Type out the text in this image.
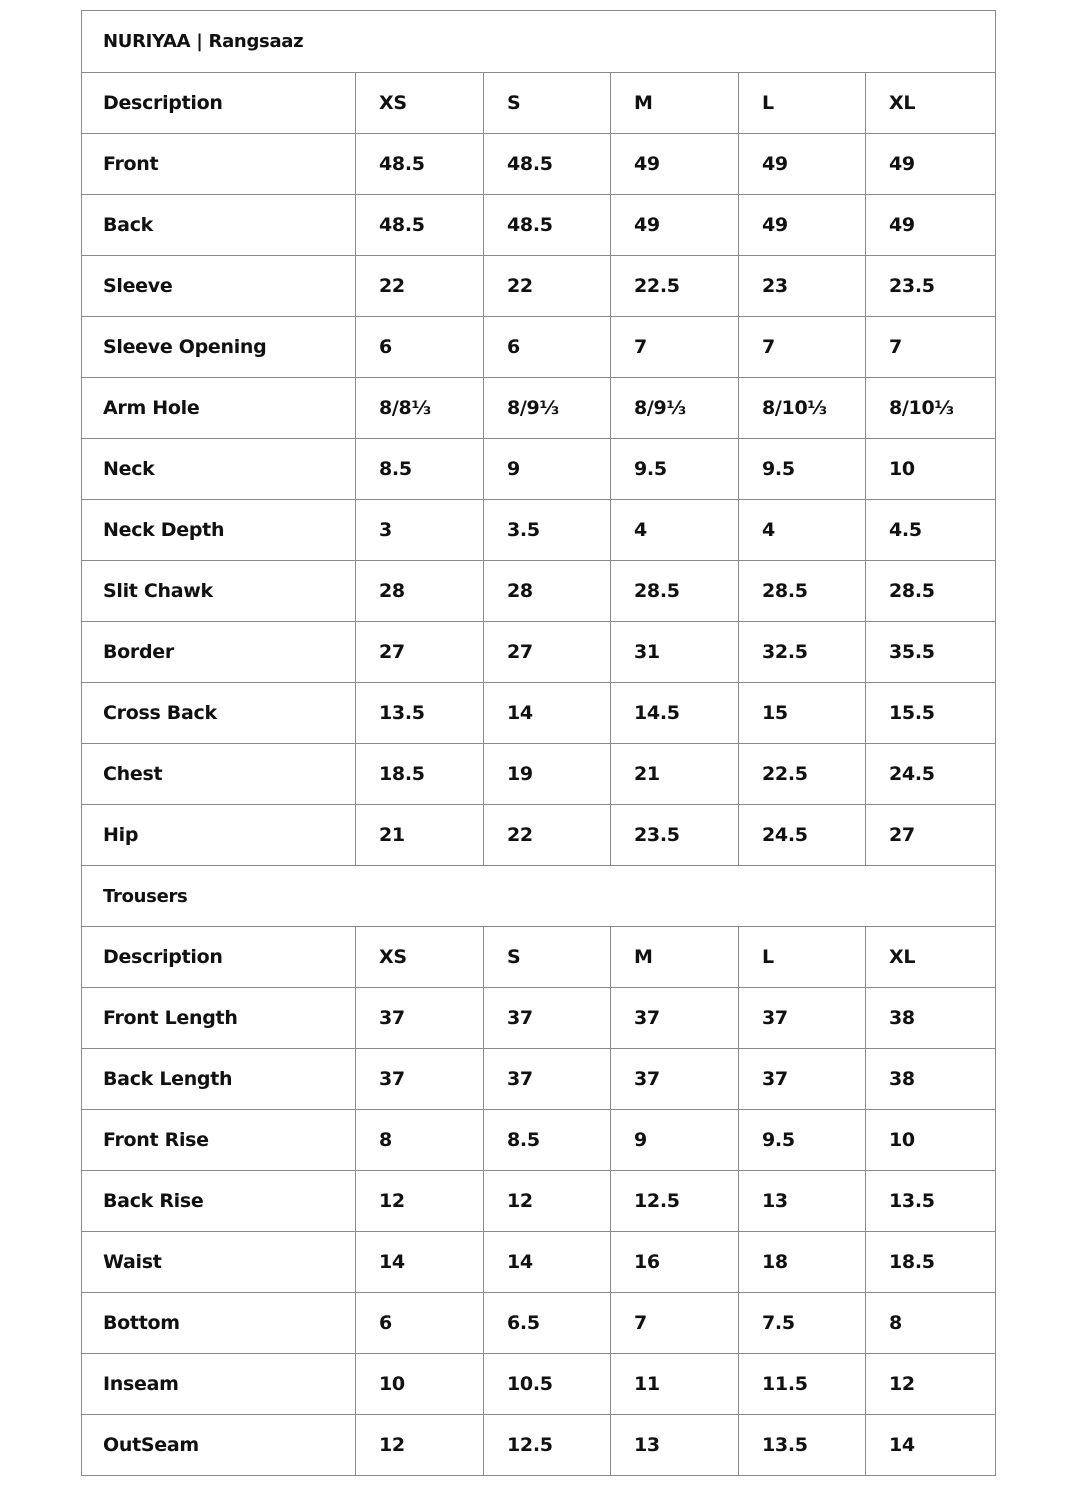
NURIYAA | Rangsaaz					
Description	XS	S	M	L	XL
Front	48.5	48.5	49	49	49
Back	48.5	48.5	49	49	49
Sleeve	22	22	22.5	23	23.5
Sleeve Opening	6	6	7	7	7
Arm Hole	8/8⅓	8/9⅓	8/9⅓	8/10⅓	8/10⅓
Neck	8.5	9	9.5	9.5	10
Neck Depth	3	3.5	4	4	4.5
Slit Chawk	28	28	28.5	28.5	28.5
Border	27	27	31	32.5	35.5
Cross Back	13.5	14	14.5	15	15.5
Chest	18.5	19	21	22.5	24.5
Hip	21	22	23.5	24.5	27
Trousers					
Description	XS	S	M	L	XL
Front Length	37	37	37	37	38
Back Length	37	37	37	37	38
Front Rise	8	8.5	9	9.5	10
Back Rise	12	12	12.5	13	13.5
Waist	14	14	16	18	18.5
Bottom	6	6.5	7	7.5	8
Inseam	10	10.5	11	11.5	12
OutSeam	12	12.5	13	13.5	14
